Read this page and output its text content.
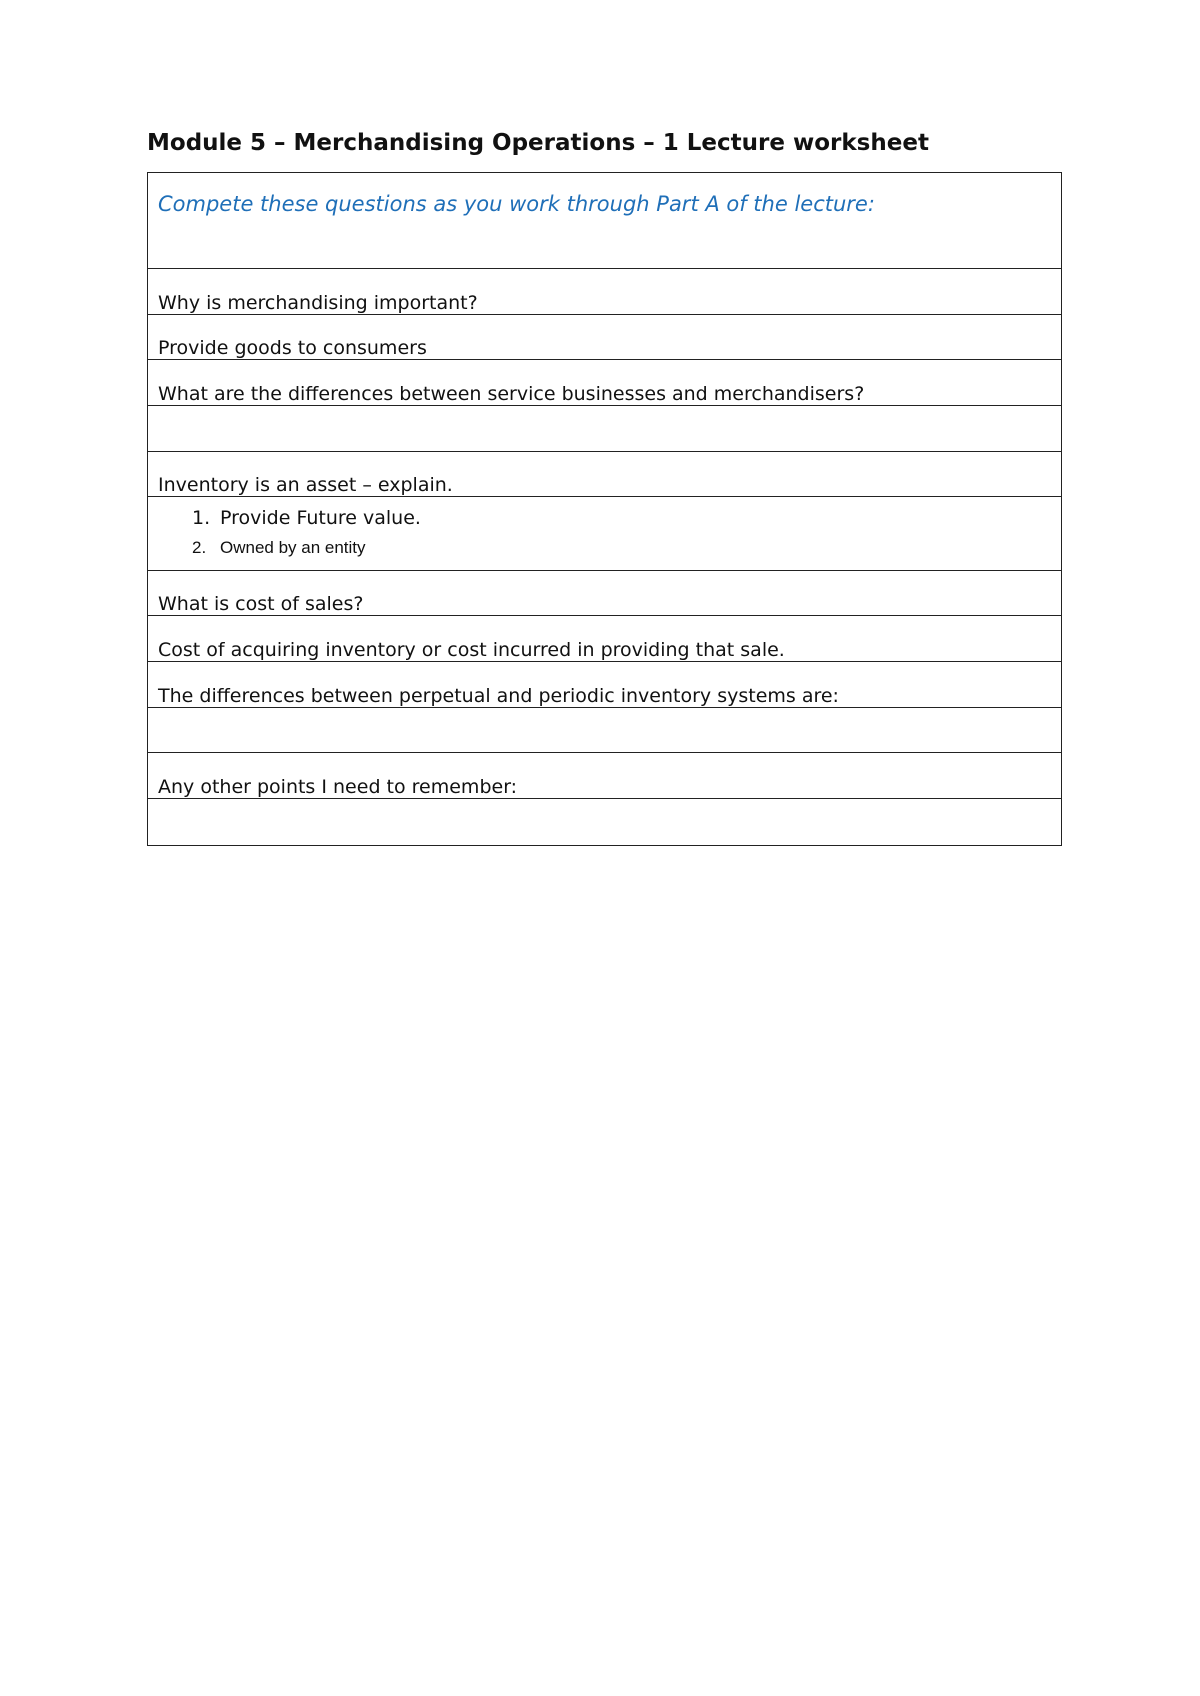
Module 5 – Merchandising Operations – 1 Lecture worksheet
Compete these questions as you work through Part A of the lecture:
Why is merchandising important?
Provide goods to consumers
What are the differences between service businesses and merchandisers?
Inventory is an asset – explain.
1. Provide Future value.
2. Owned by an entity
What is cost of sales?
Cost of acquiring inventory or cost incurred in providing that sale.
The differences between perpetual and periodic inventory systems are:
Any other points I need to remember:
